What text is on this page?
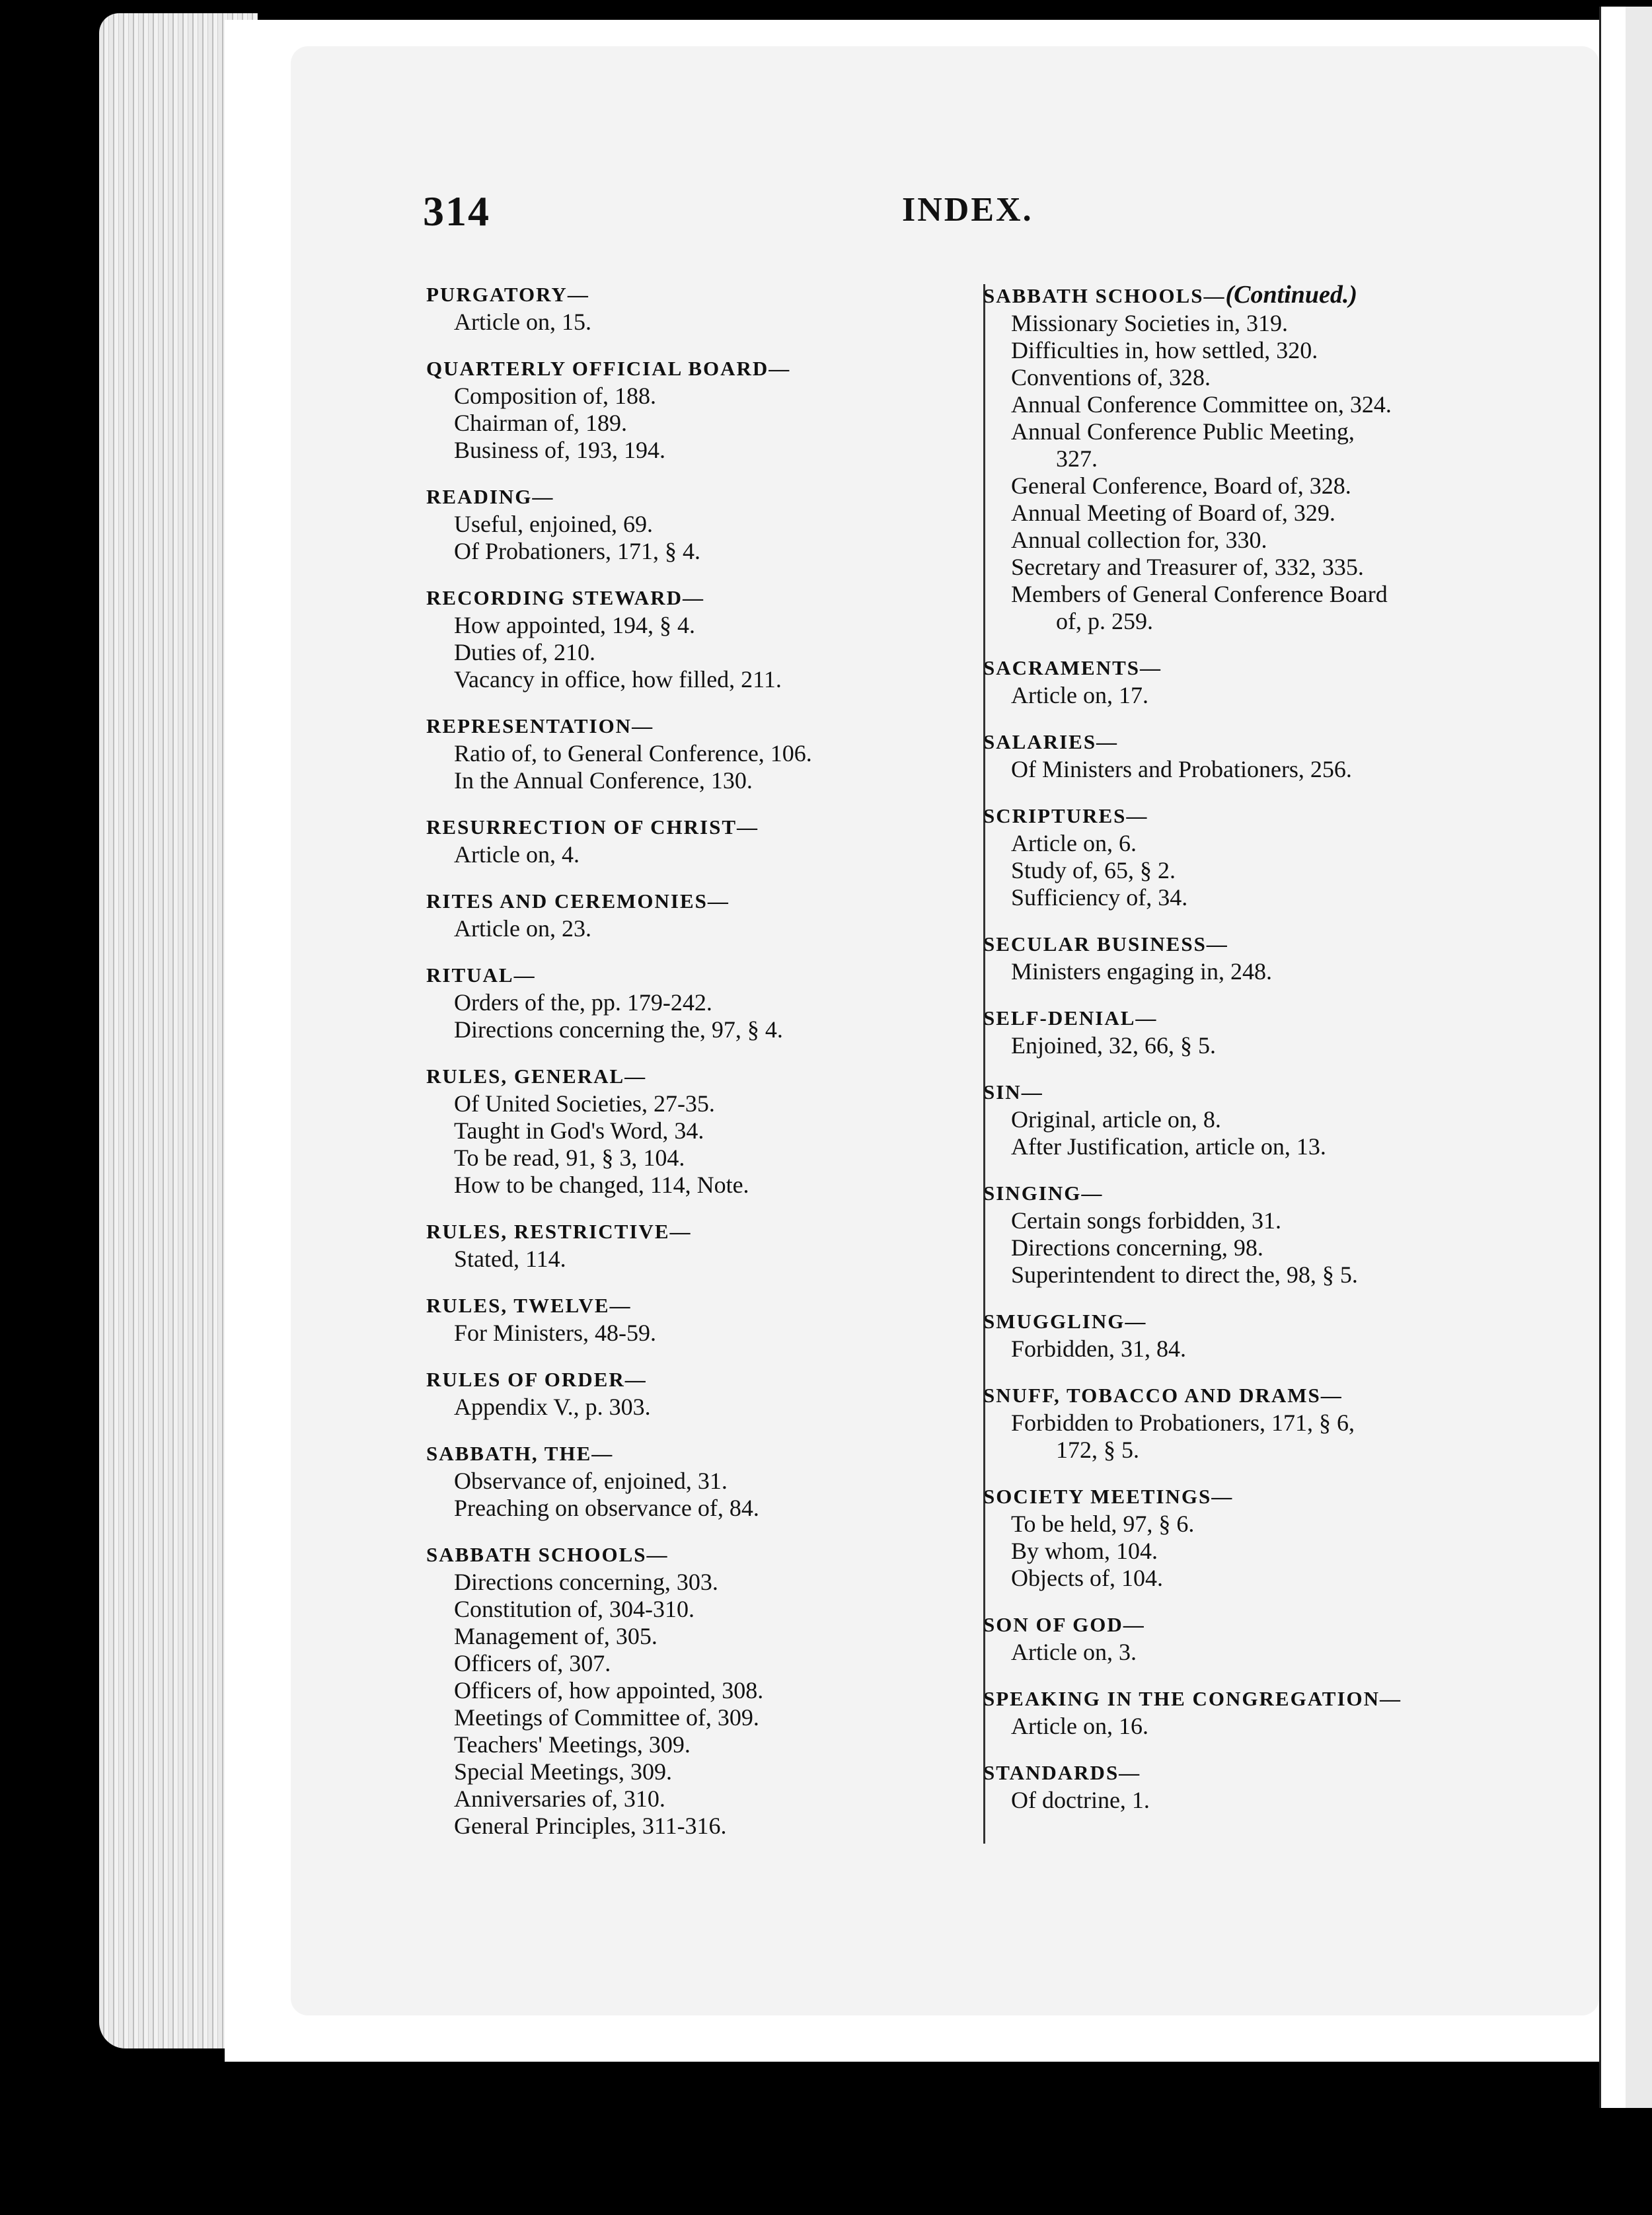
314	INDEX.
PURGATORY—
Article on, 15.
QUARTERLY OFFICIAL BOARD—
Composition of, 188.
Chairman of, 189.
Business of, 193, 194.
READING—
Useful, enjoined, 69.
Of Probationers, 171, § 4.
RECORDING STEWARD—
How appointed, 194, § 4.
Duties of, 210.
Vacancy in office, how filled, 211.
REPRESENTATION—
Ratio of, to General Conference, 106.
In the Annual Conference, 130.
RESURRECTION OF CHRIST—
Article on, 4.
RITES AND CEREMONIES—
Article on, 23.
RITUAL—
Orders of the, pp. 179-242.
Directions concerning the, 97, § 4.
RULES, GENERAL—
Of United Societies, 27-35.
Taught in God's Word, 34.
To be read, 91, § 3, 104.
How to be changed, 114, Note.
RULES, RESTRICTIVE—
Stated, 114.
RULES, TWELVE—
For Ministers, 48-59.
RULES OF ORDER—
Appendix V., p. 303.
SABBATH, THE—
Observance of, enjoined, 31.
Preaching on observance of, 84.
SABBATH SCHOOLS—
Directions concerning, 303.
Constitution of, 304-310.
Management of, 305.
Officers of, 307.
Officers of, how appointed, 308.
Meetings of Committee of, 309.
Teachers' Meetings, 309.
Special Meetings, 309.
Anniversaries of, 310.
General Principles, 311-316.
SABBATH SCHOOLS—(Continued.)
Missionary Societies in, 319.
Difficulties in, how settled, 320.
Conventions of, 328.
Annual Conference Committee on, 324.
Annual Conference Public Meeting,
327.
General Conference, Board of, 328.
Annual Meeting of Board of, 329.
Annual collection for, 330.
Secretary and Treasurer of, 332, 335.
Members of General Conference Board
of, p. 259.
SACRAMENTS—
Article on, 17.
SALARIES—
Of Ministers and Probationers, 256.
SCRIPTURES—
Article on, 6.
Study of, 65, § 2.
Sufficiency of, 34.
SECULAR BUSINESS—
Ministers engaging in, 248.
SELF-DENIAL—
Enjoined, 32, 66, § 5.
SIN—
Original, article on, 8.
After Justification, article on, 13.
SINGING—
Certain songs forbidden, 31.
Directions concerning, 98.
Superintendent to direct the, 98, § 5.
SMUGGLING—
Forbidden, 31, 84.
SNUFF, TOBACCO AND DRAMS—
Forbidden to Probationers, 171, § 6,
172, § 5.
SOCIETY MEETINGS—
To be held, 97, § 6.
By whom, 104.
Objects of, 104.
SON OF GOD—
Article on, 3.
SPEAKING IN THE CONGREGATION—
Article on, 16.
STANDARDS—
Of doctrine, 1.
